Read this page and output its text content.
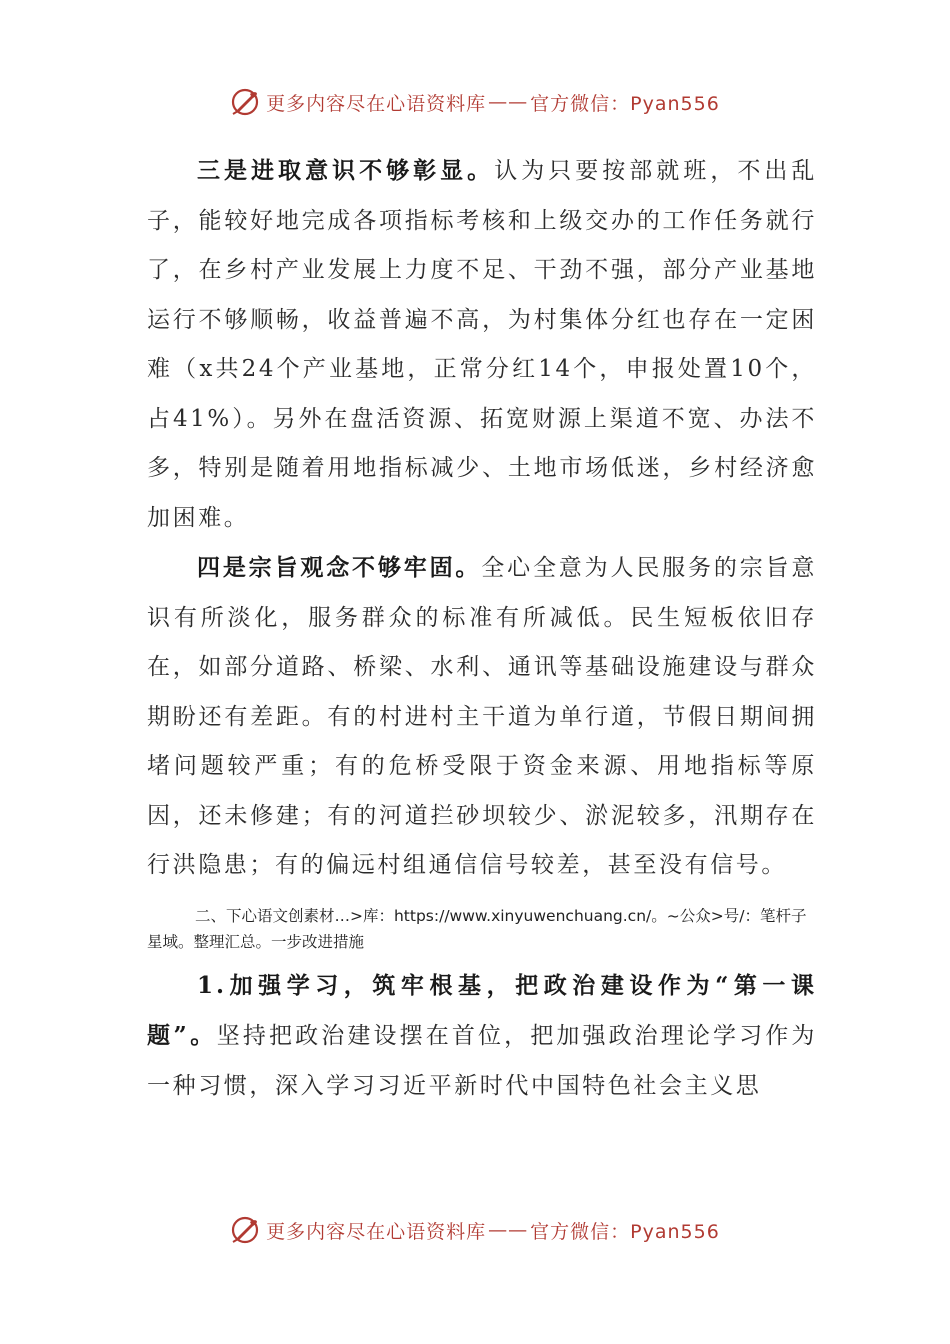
更多内容尽在心语资料库 —— 官方微信：Pyan556

三是进取意识不够彰显。认为只要按部就班，不出乱子，能较好地完成各项指标考核和上级交办的工作任务就行了，在乡村产业发展上力度不足、干劲不强，部分产业基地运行不够顺畅，收益普遍不高，为村集体分红也存在一定困难（x共24个产业基地，正常分红14个，申报处置10个，占41%）。另外在盘活资源、拓宽财源上渠道不宽、办法不多，特别是随着用地指标减少、土地市场低迷，乡村经济愈加困难。

四是宗旨观念不够牢固。全心全意为人民服务的宗旨意识有所淡化，服务群众的标准有所减低。民生短板依旧存在，如部分道路、桥梁、水利、通讯等基础设施建设与群众期盼还有差距。有的村进村主干道为单行道，节假日期间拥堵问题较严重；有的危桥受限于资金来源、用地指标等原因，还未修建；有的河道拦砂坝较少、淤泥较多，汛期存在行洪隐患；有的偏远村组通信信号较差，甚至没有信号。

二、下心语文创素材…>库：https://www.xinyuwenchuang.cn/。~公众>号/：笔杆子星域。整理汇总。一步改进措施

1.加强学习，筑牢根基，把政治建设作为“第一课题”。坚持把政治建设摆在首位，把加强政治理论学习作为一种习惯，深入学习习近平新时代中国特色社会主义思

更多内容尽在心语资料库 —— 官方微信：Pyan556
